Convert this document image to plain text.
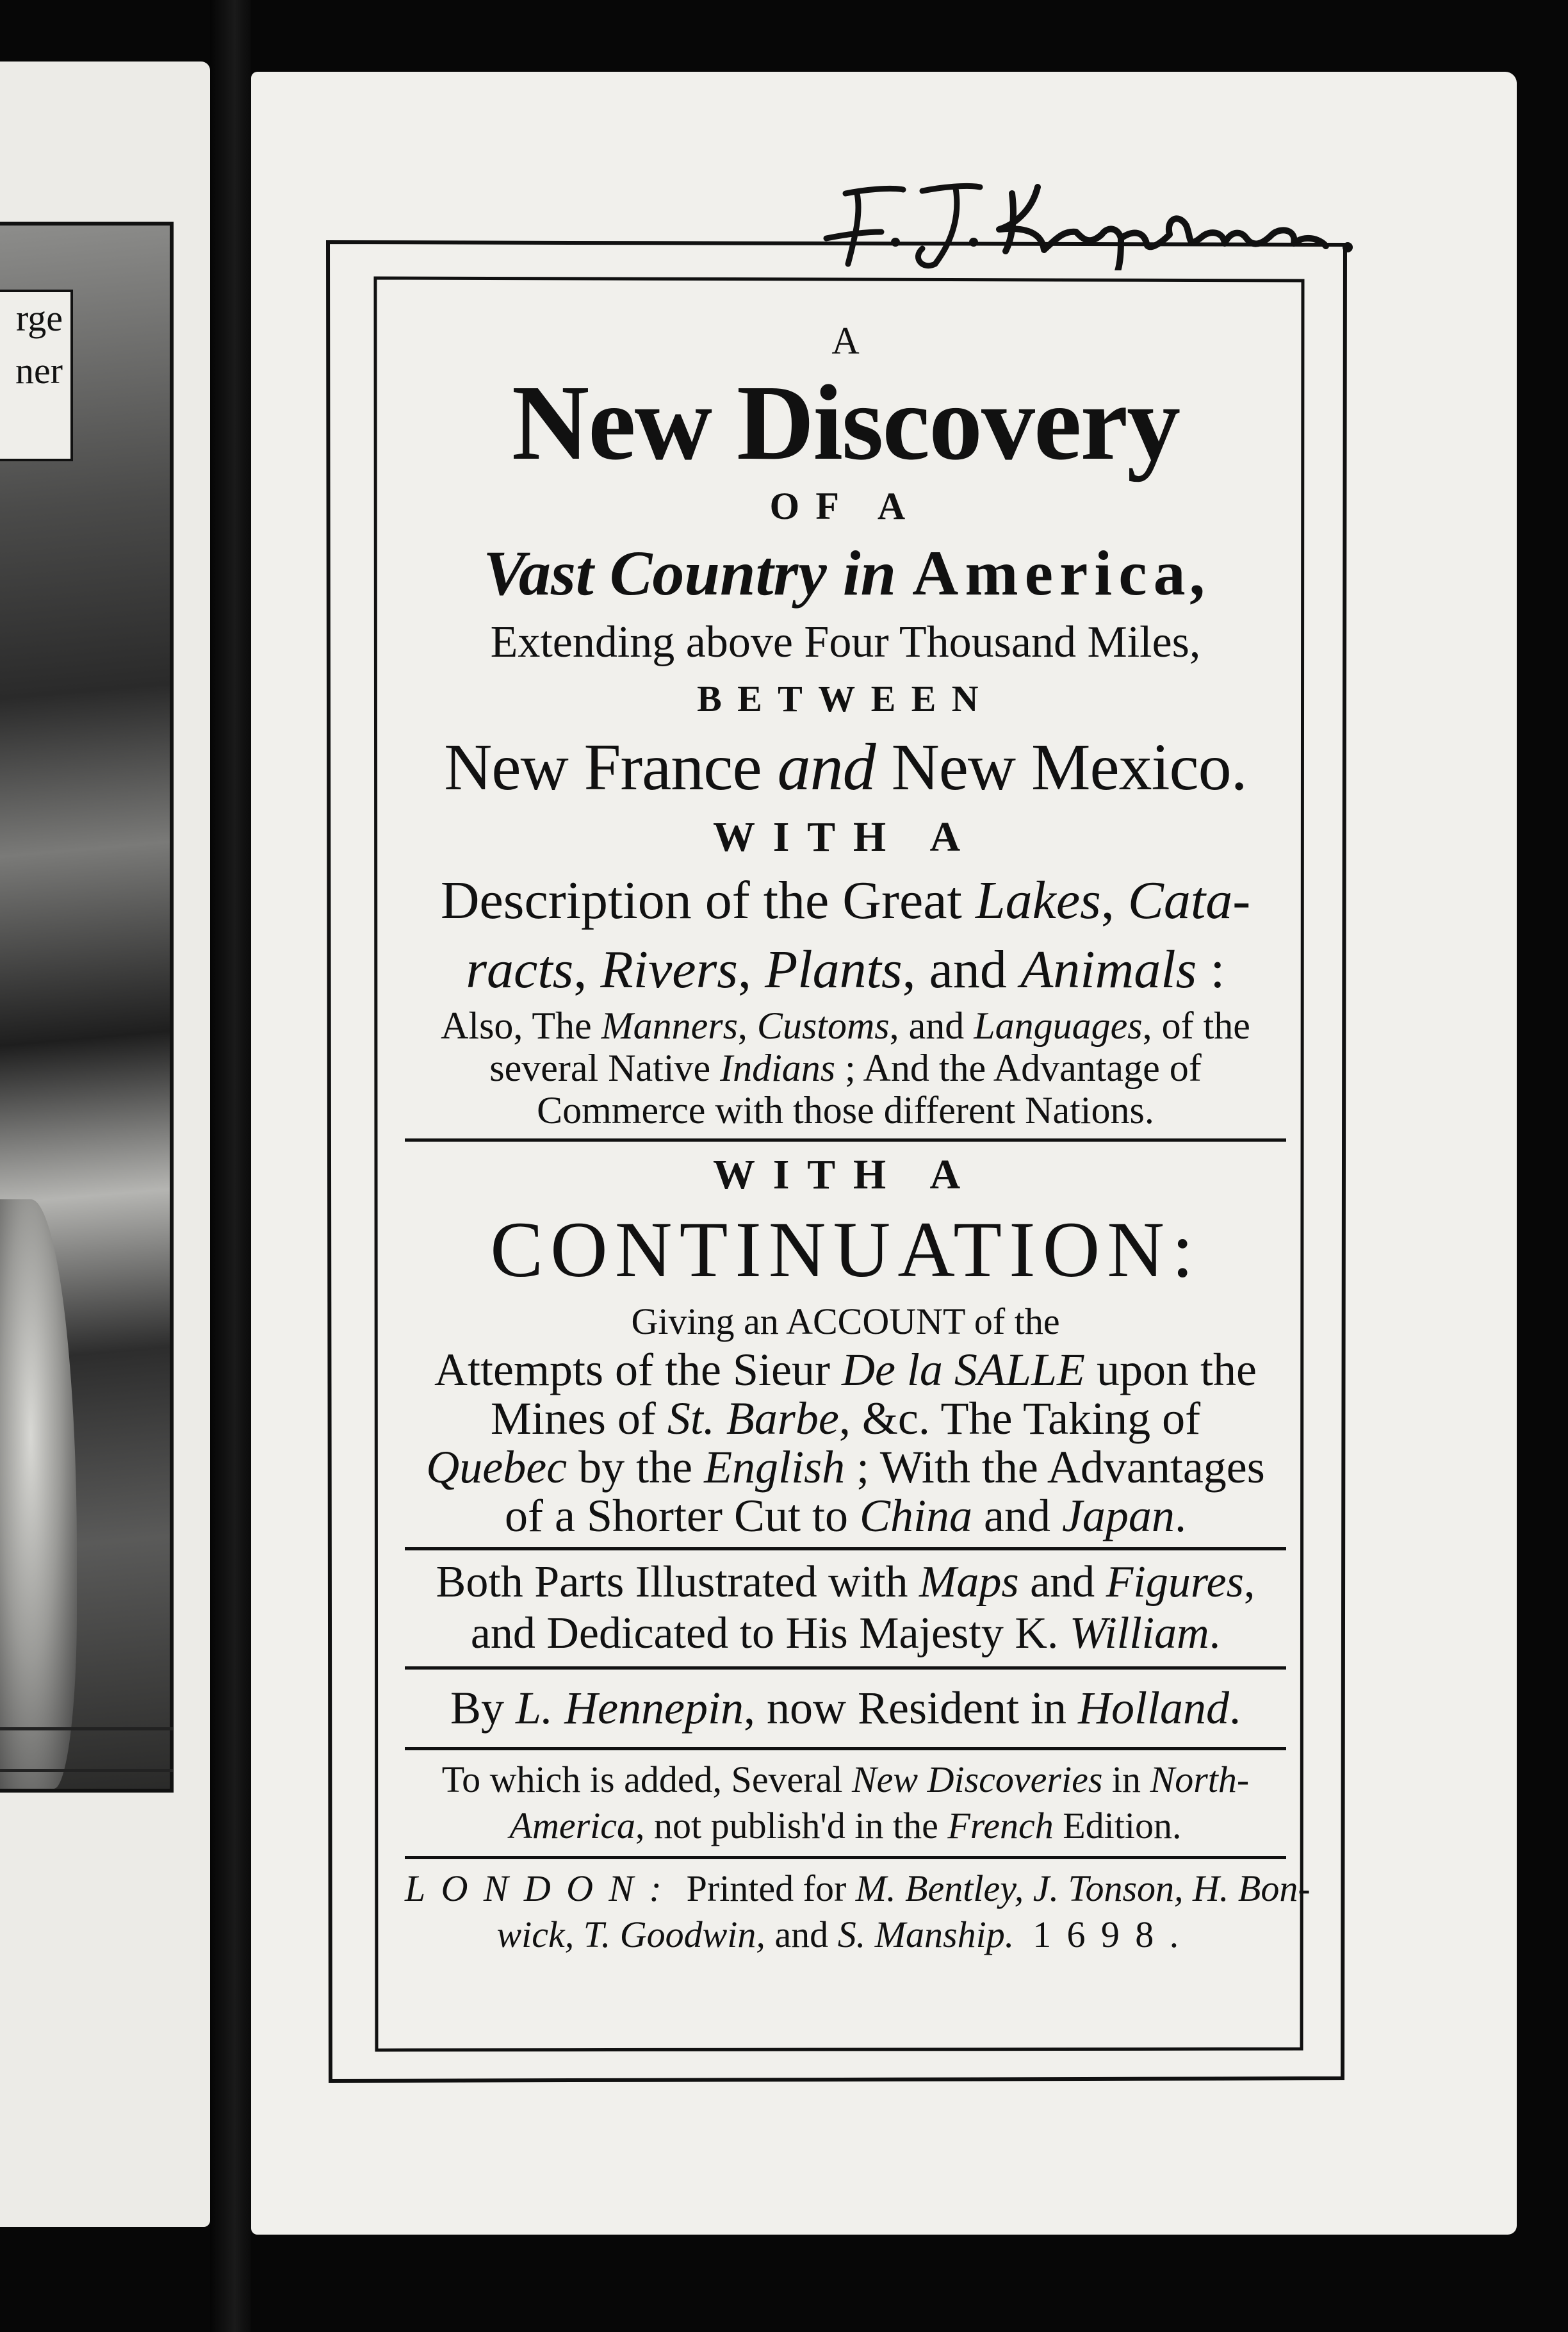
rge
ner
A
New Discovery
OF A
Vast Country in America,
Extending above Four Thousand Miles,
BETWEEN
New France and New Mexico.
WITH A
Description of the Great Lakes, Cata-
racts, Rivers, Plants, and Animals :
Also, The Manners, Customs, and Languages, of the
several Native Indians ; And the Advantage of
Commerce with those different Nations.
WITH A
CONTINUATION:
Giving an ACCOUNT of the
Attempts of the Sieur De la SALLE upon the
Mines of St. Barbe, &c. The Taking of
Quebec by the English ; With the Advantages
of a Shorter Cut to China and Japan.
Both Parts Illustrated with Maps and Figures,
and Dedicated to His Majesty K. William.
By L. Hennepin, now Resident in Holland.
To which is added, Several New Discoveries in North-
America, not publish'd in the French Edition.
LONDON: Printed for M. Bentley, J. Tonson, H. Bon-
wick, T. Goodwin, and S. Manship. 1698.
